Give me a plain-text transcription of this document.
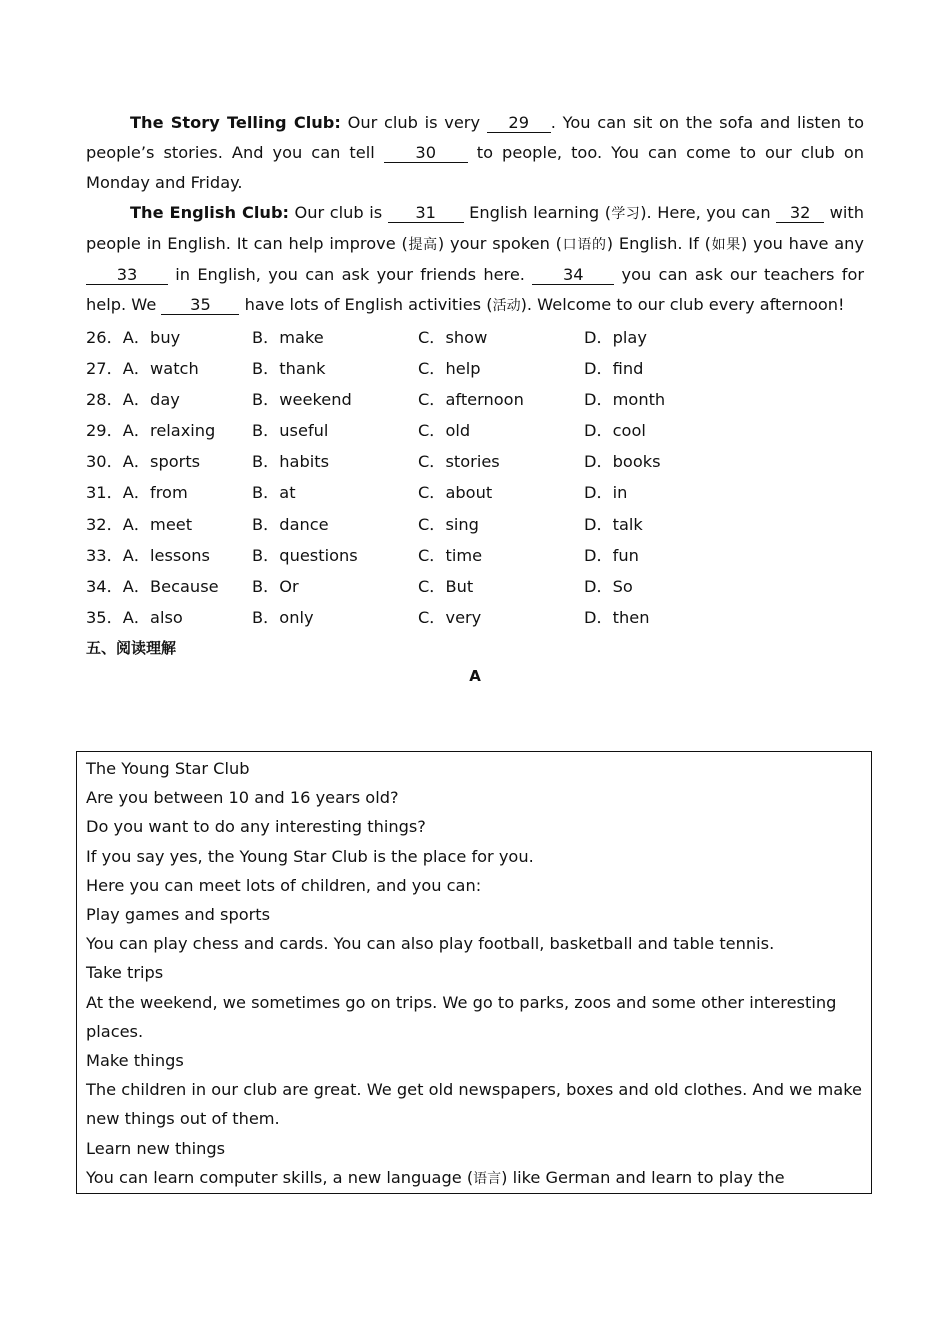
The Story Telling Club: Our club is very 29 . You can sit on the sofa and listen to people’s stories. And you can tell 30 to people, too. You can come to our club on Monday and Friday.

The English Club: Our club is 31 English learning (学习). Here, you can 32 with people in English. It can help improve (提高) your spoken (口语的) English. If (如果) you have any 33 in English, you can ask your friends here. 34 you can ask our teachers for help. We 35 have lots of English activities (活动). Welcome to our club every afternoon!

26．A．buy	B．make	C．show	D．play
27．A．watch	B．thank	C．help	D．find
28．A．day	B．weekend	C．afternoon	D．month
29．A．relaxing	B．useful	C．old	D．cool
30．A．sports	B．habits	C．stories	D．books
31．A．from	B．at	C．about	D．in
32．A．meet	B．dance	C．sing	D．talk
33．A．lessons	B．questions	C．time	D．fun
34．A．Because	B．Or	C．But	D．So
35．A．also	B．only	C．very	D．then
五、阅读理解
A

The Young Star Club

Are you between 10 and 16 years old?

Do you want to do any interesting things?

If you say yes, the Young Star Club is the place for you.

Here you can meet lots of children, and you can:

Play games and sports

You can play chess and cards. You can also play football, basketball and table tennis.

Take trips

At the weekend, we sometimes go on trips. We go to parks, zoos and some other interesting places.

Make things

The children in our club are great. We get old newspapers, boxes and old clothes. And we make new things out of them.

Learn new things

You can learn computer skills, a new language (语言) like German and learn to play the
